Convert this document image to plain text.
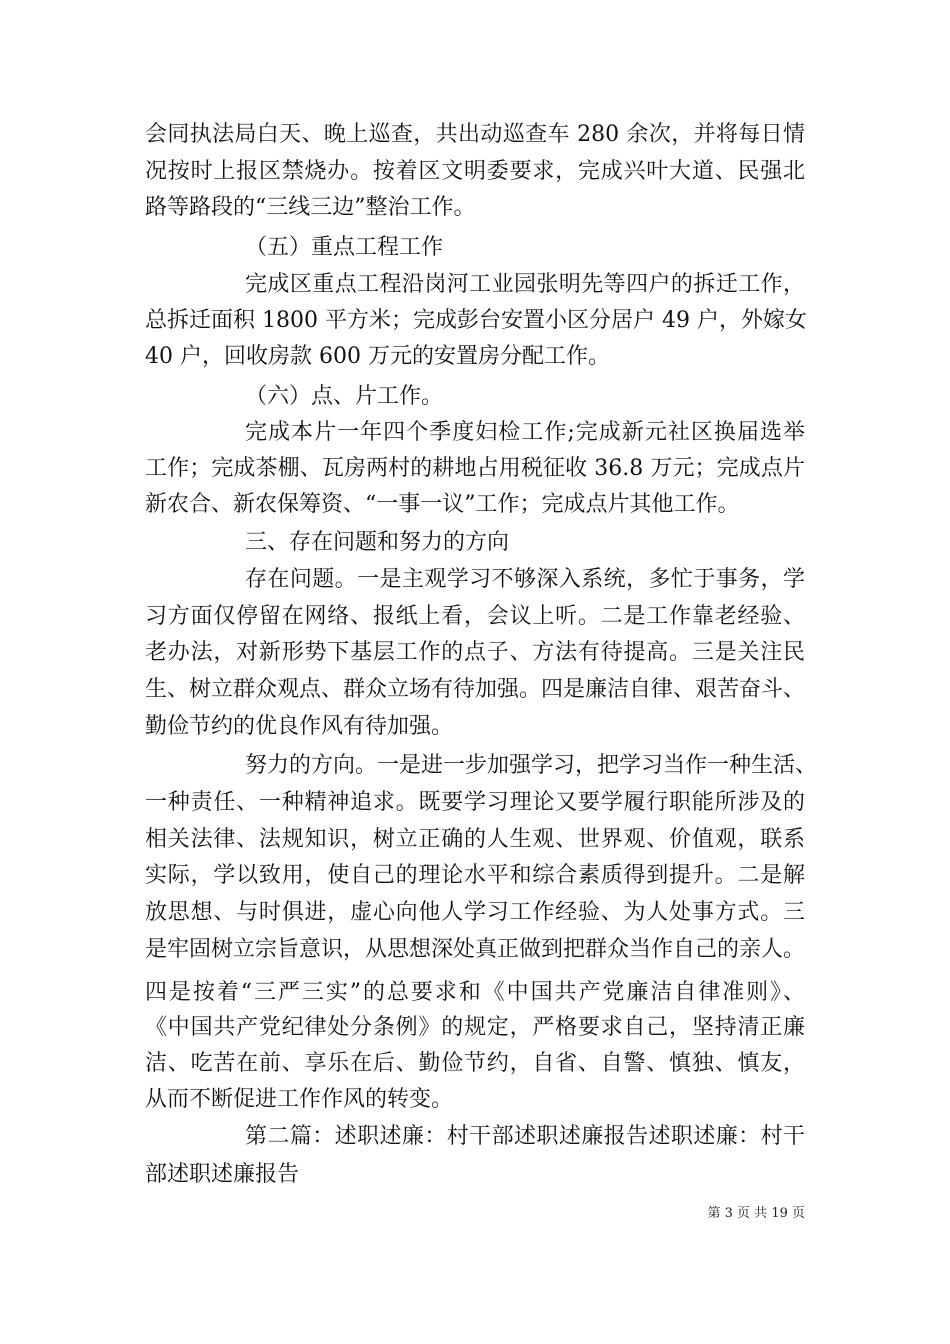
会同执法局白天、晚上巡查，共出动巡查车 280 余次，并将每日情
况按时上报区禁烧办。按着区文明委要求，完成兴叶大道、民强北
路等路段的“三线三边”整治工作。
（五）重点工程工作
完成区重点工程沿岗河工业园张明先等四户的拆迁工作，
总拆迁面积 1800 平方米；完成彭台安置小区分居户 49 户，外嫁女
40 户，回收房款 600 万元的安置房分配工作。
（六）点、片工作。
完成本片一年四个季度妇检工作;完成新元社区换届选举
工作；完成茶棚、瓦房两村的耕地占用税征收 36.8 万元；完成点片
新农合、新农保筹资、“一事一议”工作；完成点片其他工作。
三、存在问题和努力的方向
存在问题。一是主观学习不够深入系统，多忙于事务，学
习方面仅停留在网络、报纸上看，会议上听。二是工作靠老经验、
老办法，对新形势下基层工作的点子、方法有待提高。三是关注民
生、树立群众观点、群众立场有待加强。四是廉洁自律、艰苦奋斗、
勤俭节约的优良作风有待加强。
努力的方向。一是进一步加强学习，把学习当作一种生活、
一种责任、一种精神追求。既要学习理论又要学履行职能所涉及的
相关法律、法规知识，树立正确的人生观、世界观、价值观，联系
实际，学以致用，使自己的理论水平和综合素质得到提升。二是解
放思想、与时俱进，虚心向他人学习工作经验、为人处事方式。三
是牢固树立宗旨意识，从思想深处真正做到把群众当作自己的亲人。
四是按着“三严三实”的总要求和《中国共产党廉洁自律准则》、
《中国共产党纪律处分条例》的规定，严格要求自己，坚持清正廉
洁、吃苦在前、享乐在后、勤俭节约，自省、自警、慎独、慎友，
从而不断促进工作作风的转变。
第二篇：述职述廉：村干部述职述廉报告述职述廉：村干
部述职述廉报告
第 3 页 共 19 页
